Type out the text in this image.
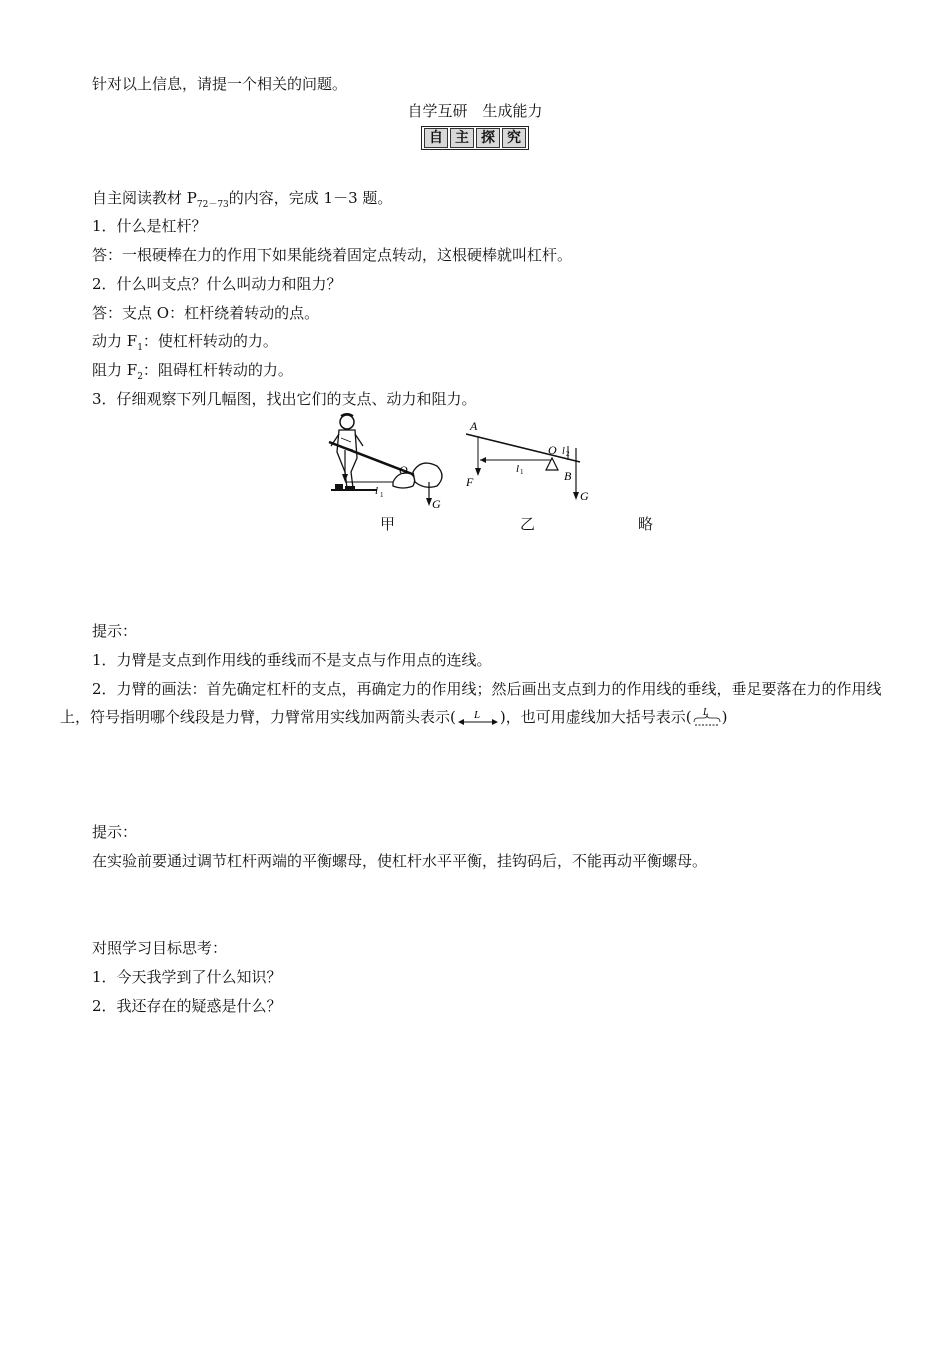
针对以上信息，请提一个相关的问题。
自学互研　生成能力
自 主 探 究
自主阅读教材 $P_{72-73}$的内容，完成 1－3 题。
1．什么是杠杆？
答：一根硬棒在力的作用下如果能绕着固定点转动，这根硬棒就叫杠杆。
2．什么叫支点？什么叫动力和阻力？
答：支点 O：杠杆绕着转动的点。
动力 $F_1$：使杠杆转动的力。
阻力 $F_2$：阻碍杠杆转动的力。
3．仔细观察下列几幅图，找出它们的支点、动力和阻力。
l 1
O
G
A
F
l 1
O l 2
B
G
甲	乙	略
提示：
1．力臂是支点到作用线的垂线而不是支点与作用点的连线。
2．力臂的画法：首先确定杠杆的支点，再确定力的作用线；然后画出支点到力的作用线的垂线，垂足要落在力的作用线上，符号指明哪个线段是力臂，力臂常用实线加两箭头表示( L )，也可用虚线加大括号表示( L )
提示：
在实验前要通过调节杠杆两端的平衡螺母，使杠杆水平平衡，挂钩码后，不能再动平衡螺母。
对照学习目标思考：
1．今天我学到了什么知识？
2．我还存在的疑惑是什么？
